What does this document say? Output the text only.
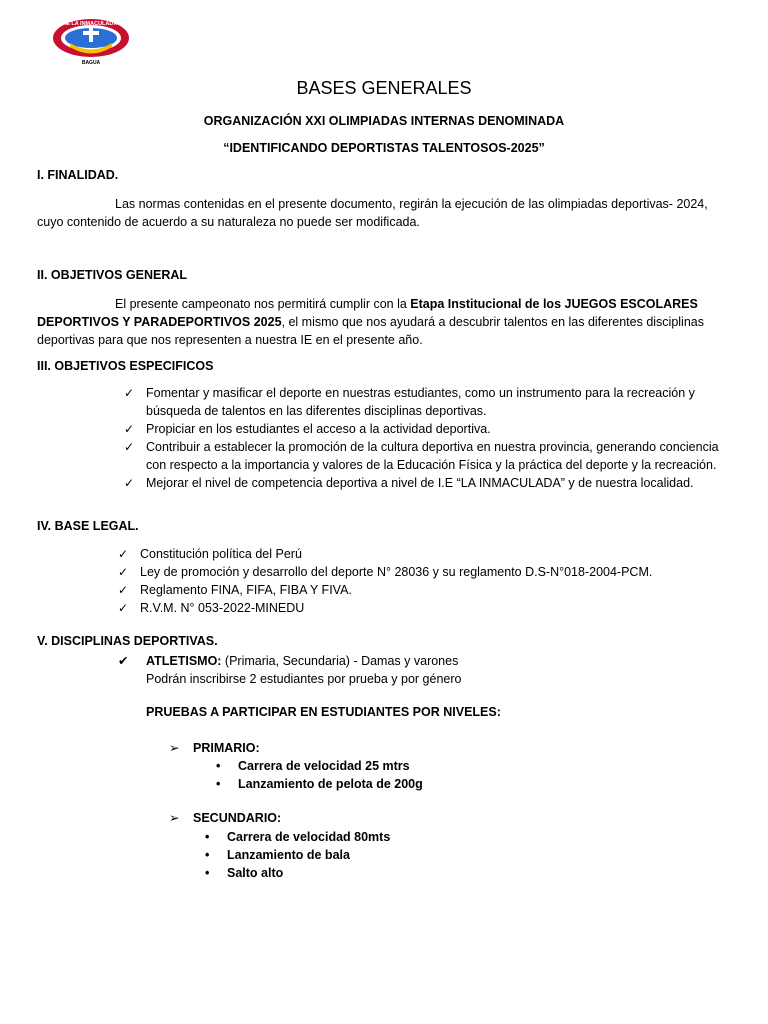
IE LA INMACULADA
BAGUA
BASES GENERALES
ORGANIZACIÓN XXI OLIMPIADAS INTERNAS DENOMINADA
“IDENTIFICANDO DEPORTISTAS TALENTOSOS-2025”
I. FINALIDAD.
Las normas contenidas en el presente documento, regirán la ejecución de las olimpiadas deportivas- 2024, cuyo contenido de acuerdo a su naturaleza no puede ser modificada.
II. OBJETIVOS GENERAL
El presente campeonato nos permitirá cumplir con la Etapa Institucional de los JUEGOS ESCOLARES DEPORTIVOS Y PARADEPORTIVOS 2025, el mismo que nos ayudará a descubrir talentos en las diferentes disciplinas deportivas para que nos representen a nuestra IE en el presente año.
III. OBJETIVOS ESPECIFICOS
✓ Fomentar y masificar el deporte en nuestras estudiantes, como un instrumento para la recreación y búsqueda de talentos en las diferentes disciplinas deportivas.
✓ Propiciar en los estudiantes el acceso a la actividad deportiva.
✓ Contribuir a establecer la promoción de la cultura deportiva en nuestra provincia, generando conciencia con respecto a la importancia y valores de la Educación Física y la práctica del deporte y la recreación.
✓ Mejorar el nivel de competencia deportiva a nivel de I.E “LA INMACULADA” y de nuestra localidad.
IV. BASE LEGAL.
✓ Constitución política del Perú
✓ Ley de promoción y desarrollo del deporte N° 28036 y su reglamento D.S-N°018-2004-PCM.
✓ Reglamento FINA, FIFA, FIBA Y FIVA.
✓ R.V.M. N° 053-2022-MINEDU
V. DISCIPLINAS DEPORTIVAS.
✔ ATLETISMO: (Primaria, Secundaria) - Damas y varones
Podrán inscribirse 2 estudiantes por prueba y por género
PRUEBAS A PARTICIPAR EN ESTUDIANTES POR NIVELES:
➢ PRIMARIO:
• Carrera de velocidad 25 mtrs
• Lanzamiento de pelota de 200g
➢ SECUNDARIO:
• Carrera de velocidad 80mts
• Lanzamiento de bala
• Salto alto
